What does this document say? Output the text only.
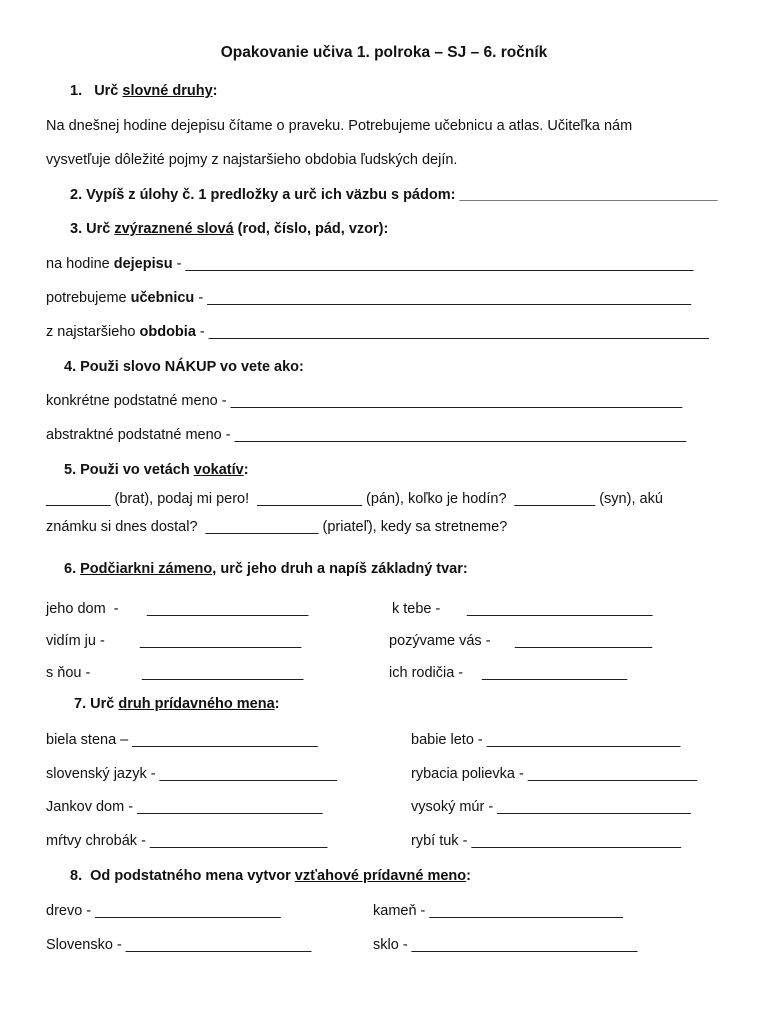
Opakovanie učiva 1. polroka – SJ – 6. ročník
1. Urč slovné druhy:
Na dnešnej hodine dejepisu čítame o praveku. Potrebujeme učebnicu a atlas. Učiteľka nám
vysvetľuje dôležité pojmy z najstaršieho obdobia ľudských dejín.
2. Vypíš z úlohy č. 1 predložky a urč ich väzbu s pádom: ________________________________
3. Urč zvýraznené slová (rod, číslo, pád, vzor):
na hodine dejepisu - _______________________________________________________________
potrebujeme učebnicu - ____________________________________________________________
z najstaršieho obdobia - ______________________________________________________________
4. Použi slovo NÁKUP vo vete ako:
konkrétne podstatné meno - ________________________________________________________
abstraktné podstatné meno - ________________________________________________________
5. Použi vo vetách vokatív:
________ (brat), podaj mi pero!  _____________ (pán), koľko je hodín?  __________ (syn), akú
známku si dnes dostal?  ______________ (priateľ), kedy sa stretneme?
6. Podčiarkni zámeno, urč jeho druh a napíš základný tvar:
jeho dom  - ____________________	k tebe - _______________________
vidím ju - ____________________	pozývame vás - _________________
s ňou -	____________________	ich rodičia - __________________
7. Urč druh prídavného mena:
biela stena – _______________________	babie leto - ________________________
slovenský jazyk - ______________________	rybacia polievka - _____________________
Jankov dom - _______________________	vysoký múr - ________________________
mŕtvy chrobák - ______________________	rybí tuk - __________________________
8.  Od podstatného mena vytvor vzťahové prídavné meno:
drevo - _______________________	kameň - ________________________
Slovensko - _______________________	sklo - ____________________________
